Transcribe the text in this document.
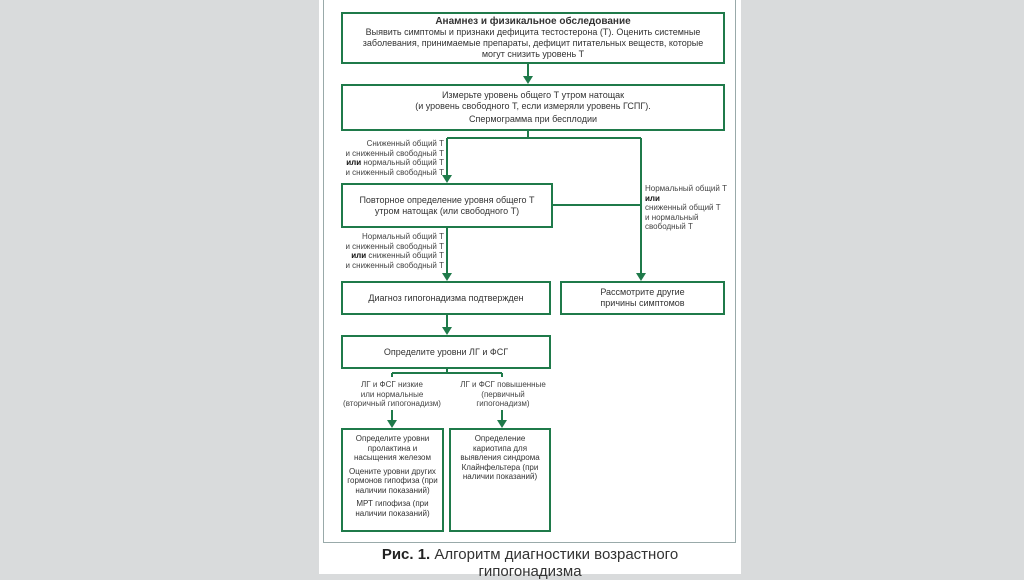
Анамнез и физикальное обследование

Выявить симптомы и признаки дефицита тестостерона (Т). Оценить системные заболевания, принимаемые препараты, дефицит питательных веществ, которые могут снизить уровень Т

Измерьте уровень общего Т утром натощак

(и уровень свободного Т, если измеряли уровень ГСПГ).

Спермограмма при бесплодии

Сниженный общий Т
и сниженный свободный Т
или нормальный общий Т
и сниженный свободный Т
Нормальный общий Т
или
сниженный общий Т
и нормальный
свободный Т

Повторное определение уровня общего Т утром натощак (или свободного Т)

Нормальный общий Т
и сниженный свободный Т
или сниженный общий Т
и сниженный свободный Т

Диагноз гипогонадизма подтвержден

Рассмотрите другие причины симптомов

Определите уровни ЛГ и ФСГ

ЛГ и ФСГ низкие
или нормальные
(вторичный гипогонадизм)
ЛГ и ФСГ повышенные
(первичный
гипогонадизм)

Определите уровни пролактина и насыщения железом

Оцените уровни других гормонов гипофиза (при наличии показаний)

МРТ гипофиза (при наличии показаний)

Определение кариотипа для выявления синдрома Клайнфельтера (при наличии показаний)

Рис. 1. Алгоритм диагностики возрастного гипогонадизма
